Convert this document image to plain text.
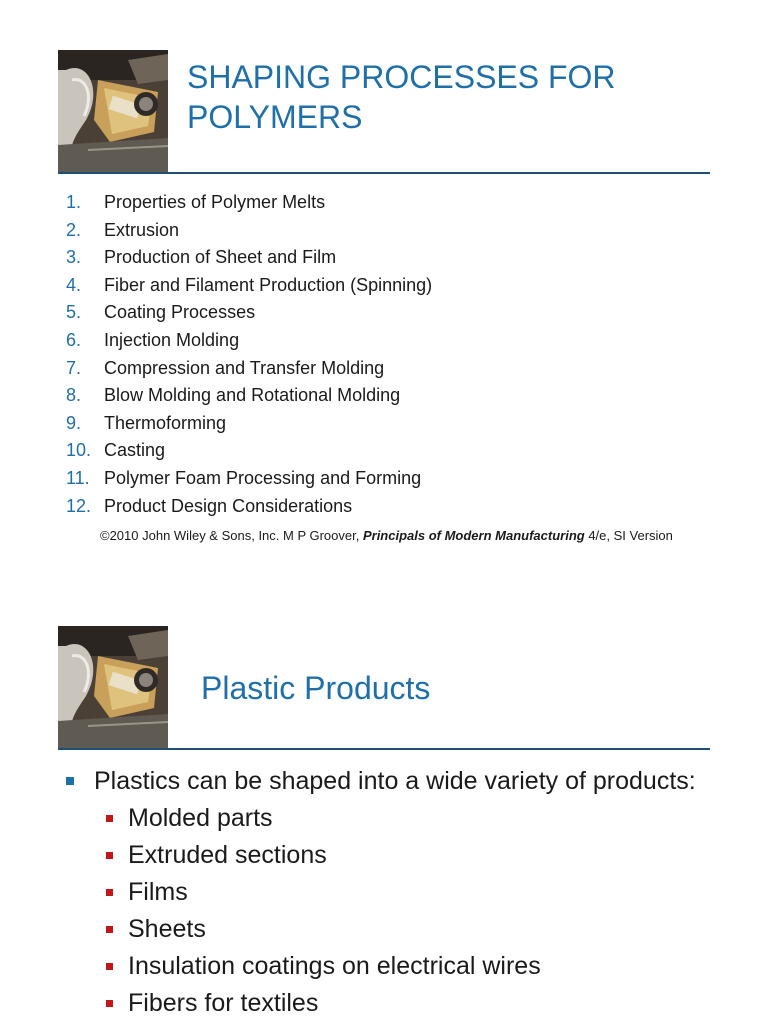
SHAPING PROCESSES FOR POLYMERS
1. Properties of Polymer Melts
2. Extrusion
3. Production of Sheet and Film
4. Fiber and Filament Production (Spinning)
5. Coating Processes
6. Injection Molding
7. Compression and Transfer Molding
8. Blow Molding and Rotational Molding
9. Thermoforming
10. Casting
11. Polymer Foam Processing and Forming
12. Product Design Considerations
©2010 John Wiley & Sons, Inc. M P Groover, Principals of Modern Manufacturing 4/e, SI Version
Plastic Products
Plastics can be shaped into a wide variety of products:
Molded parts
Extruded sections
Films
Sheets
Insulation coatings on electrical wires
Fibers for textiles
